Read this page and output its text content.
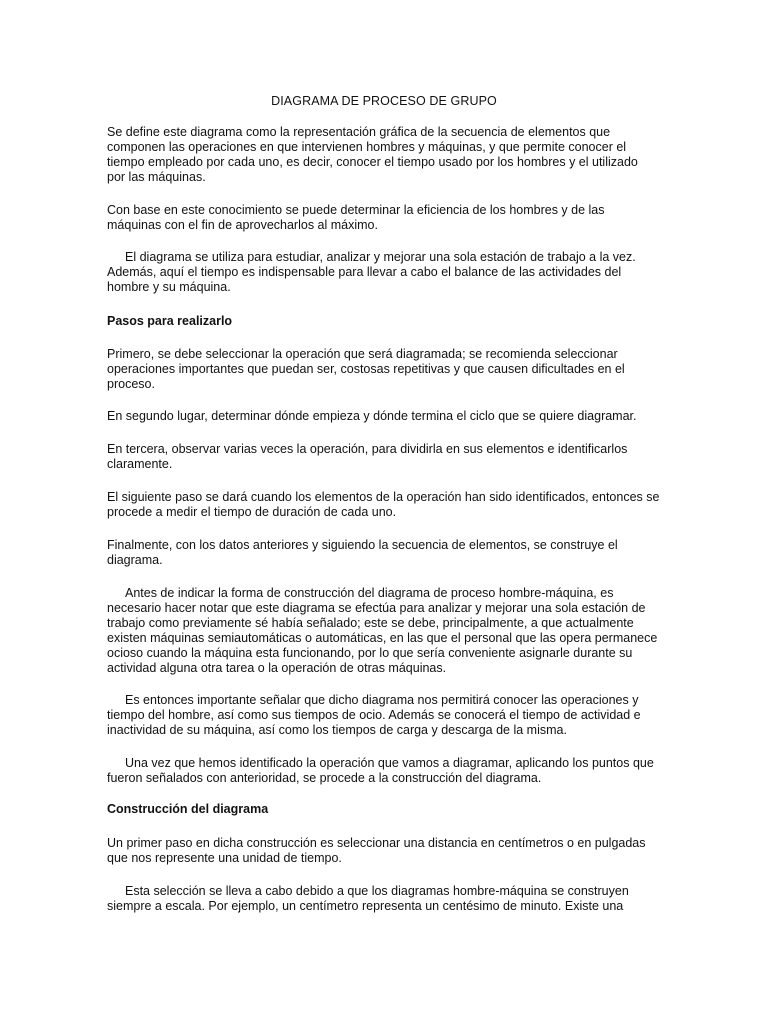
DIAGRAMA DE PROCESO DE GRUPO

Se define este diagrama como la representación gráfica de la secuencia de elementos que
componen las operaciones en que intervienen hombres y máquinas, y que permite conocer el
tiempo empleado por cada uno, es decir, conocer el tiempo usado por los hombres y el utilizado
por las máquinas.

Con base en este conocimiento se puede determinar la eficiencia de los hombres y de las
máquinas con el fin de aprovecharlos al máximo.

El diagrama se utiliza para estudiar, analizar y mejorar una sola estación de trabajo a la vez.
Además, aquí el tiempo es indispensable para llevar a cabo el balance de las actividades del
hombre y su máquina.

Pasos para realizarlo

Primero, se debe seleccionar la operación que será diagramada; se recomienda seleccionar
operaciones importantes que puedan ser, costosas repetitivas y que causen dificultades en el
proceso.

En segundo lugar, determinar dónde empieza y dónde termina el ciclo que se quiere diagramar.

En tercera, observar varias veces la operación, para dividirla en sus elementos e identificarlos
claramente.

El siguiente paso se dará cuando los elementos de la operación han sido identificados, entonces se
procede a medir el tiempo de duración de cada uno.

Finalmente, con los datos anteriores y siguiendo la secuencia de elementos, se construye el
diagrama.

Antes de indicar la forma de construcción del diagrama de proceso hombre-máquina, es
necesario hacer notar que este diagrama se efectúa para analizar y mejorar una sola estación de
trabajo como previamente sé había señalado; este se debe, principalmente, a que actualmente
existen máquinas semiautomáticas o automáticas, en las que el personal que las opera permanece
ocioso cuando la máquina esta funcionando, por lo que sería conveniente asignarle durante su
actividad alguna otra tarea o la operación de otras máquinas.

Es entonces importante señalar que dicho diagrama nos permitirá conocer las operaciones y
tiempo del hombre, así como sus tiempos de ocio. Además se conocerá el tiempo de actividad e
inactividad de su máquina, así como los tiempos de carga y descarga de la misma.

Una vez que hemos identificado la operación que vamos a diagramar, aplicando los puntos que
fueron señalados con anterioridad, se procede a la construcción del diagrama.

Construcción del diagrama

Un primer paso en dicha construcción es seleccionar una distancia en centímetros o en pulgadas
que nos represente una unidad de tiempo.

Esta selección se lleva a cabo debido a que los diagramas hombre-máquina se construyen
siempre a escala. Por ejemplo, un centímetro representa un centésimo de minuto. Existe una
